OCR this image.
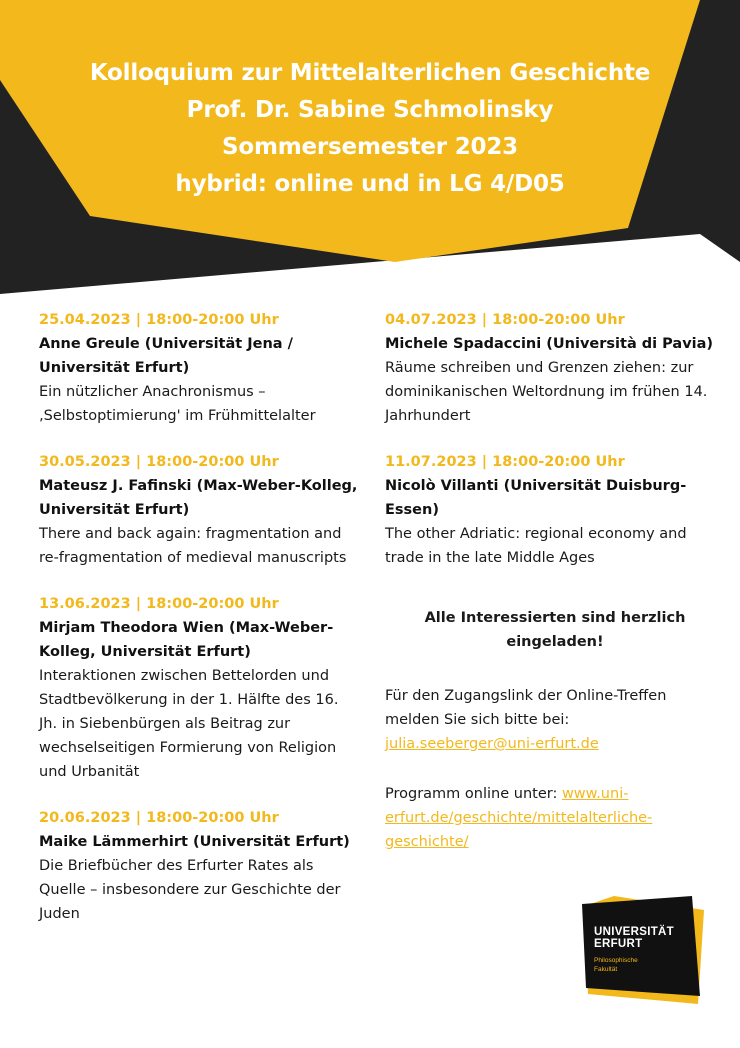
Kolloquium zur Mittelalterlichen Geschichte
Prof. Dr. Sabine Schmolinsky
Sommersemester 2023
hybrid: online und in LG 4/D05
25.04.2023 | 18:00-20:00 Uhr
Anne Greule (Universität Jena / Universität Erfurt)
Ein nützlicher Anachronismus – ‚Selbstoptimierung' im Frühmittelalter
30.05.2023 | 18:00-20:00 Uhr
Mateusz J. Fafinski (Max-Weber-Kolleg, Universität Erfurt)
There and back again: fragmentation and re-fragmentation of medieval manuscripts
13.06.2023 | 18:00-20:00 Uhr
Mirjam Theodora Wien (Max-Weber-Kolleg, Universität Erfurt)
Interaktionen zwischen Bettelorden und Stadtbevölkerung in der 1. Hälfte des 16. Jh. in Siebenbürgen als Beitrag zur wechselseitigen Formierung von Religion und Urbanität
20.06.2023 | 18:00-20:00 Uhr
Maike Lämmerhirt (Universität Erfurt)
Die Briefbücher des Erfurter Rates als Quelle – insbesondere zur Geschichte der Juden
04.07.2023 | 18:00-20:00 Uhr
Michele Spadaccini (Università di Pavia)
Räume schreiben und Grenzen ziehen: zur dominikanischen Weltordnung im frühen 14. Jahrhundert
11.07.2023 | 18:00-20:00 Uhr
Nicolò Villanti (Universität Duisburg-Essen)
The other Adriatic: regional economy and trade in the late Middle Ages
Alle Interessierten sind herzlich eingeladen!
Für den Zugangslink der Online-Treffen melden Sie sich bitte bei:
julia.seeberger@uni-erfurt.de
Programm online unter: www.uni-erfurt.de/geschichte/mittelalterliche-geschichte/
UNIVERSITÄT
ERFURT
Philosophische
Fakultät
